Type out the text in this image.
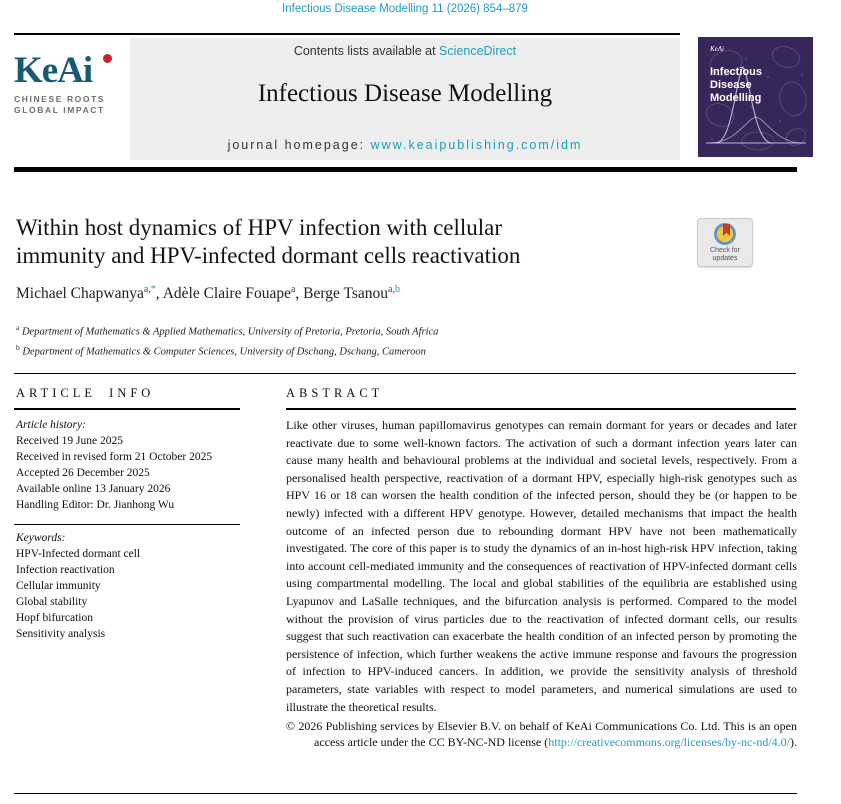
Infectious Disease Modelling 11 (2026) 854–879
KeAi
CHINESE ROOTS
GLOBAL IMPACT
Contents lists available at ScienceDirect
Infectious Disease Modelling
journal homepage: www.keaipublishing.com/idm
KeAi
Infectious
Disease
Modelling
Within host dynamics of HPV infection with cellular
immunity and HPV-infected dormant cells reactivation	Check for updates
Michael Chapwanya$^{a,*}$, Adèle Claire Fouape$^a$, Berge Tsanou$^{a,b}$
$^a$ Department of Mathematics & Applied Mathematics, University of Pretoria, Pretoria, South Africa
$^b$ Department of Mathematics & Computer Sciences, University of Dschang, Dschang, Cameroon
ARTICLE INFO	ABSTRACT
Article history:
Received 19 June 2025
Received in revised form 21 October 2025
Accepted 26 December 2025
Available online 13 January 2026
Handling Editor: Dr. Jianhong Wu
Keywords:
HPV-Infected dormant cell
Infection reactivation
Cellular immunity
Global stability
Hopf bifurcation
Sensitivity analysis
Like other viruses, human papillomavirus genotypes can remain dormant for years or decades and later reactivate due to some well-known factors. The activation of such a dormant infection years later can cause many health and behavioural problems at the individual and societal levels, respectively. From a personalised health perspective, reactivation of a dormant HPV, especially high-risk genotypes such as HPV 16 or 18 can worsen the health condition of the infected person, should they be (or happen to be newly) infected with a different HPV genotype. However, detailed mechanisms that impact the health outcome of an infected person due to rebounding dormant HPV have not been mathematically investigated. The core of this paper is to study the dynamics of an in-host high-risk HPV infection, taking into account cell-mediated immunity and the consequences of reactivation of HPV-infected dormant cells using compartmental modelling. The local and global stabilities of the equilibria are established using Lyapunov and LaSalle techniques, and the bifurcation analysis is performed. Compared to the model without the provision of virus particles due to the reactivation of infected dormant cells, our results suggest that such reactivation can exacerbate the health condition of an infected person by promoting the persistence of infection, which further weakens the active immune response and favours the progression of infection to HPV-induced cancers. In addition, we provide the sensitivity analysis of threshold parameters, state variables with respect to model parameters, and numerical simulations are used to illustrate the theoretical results.
© 2026 Publishing services by Elsevier B.V. on behalf of KeAi Communications Co. Ltd. This is an open access article under the CC BY-NC-ND license (http://creativecommons.org/licenses/by-nc-nd/4.0/).
